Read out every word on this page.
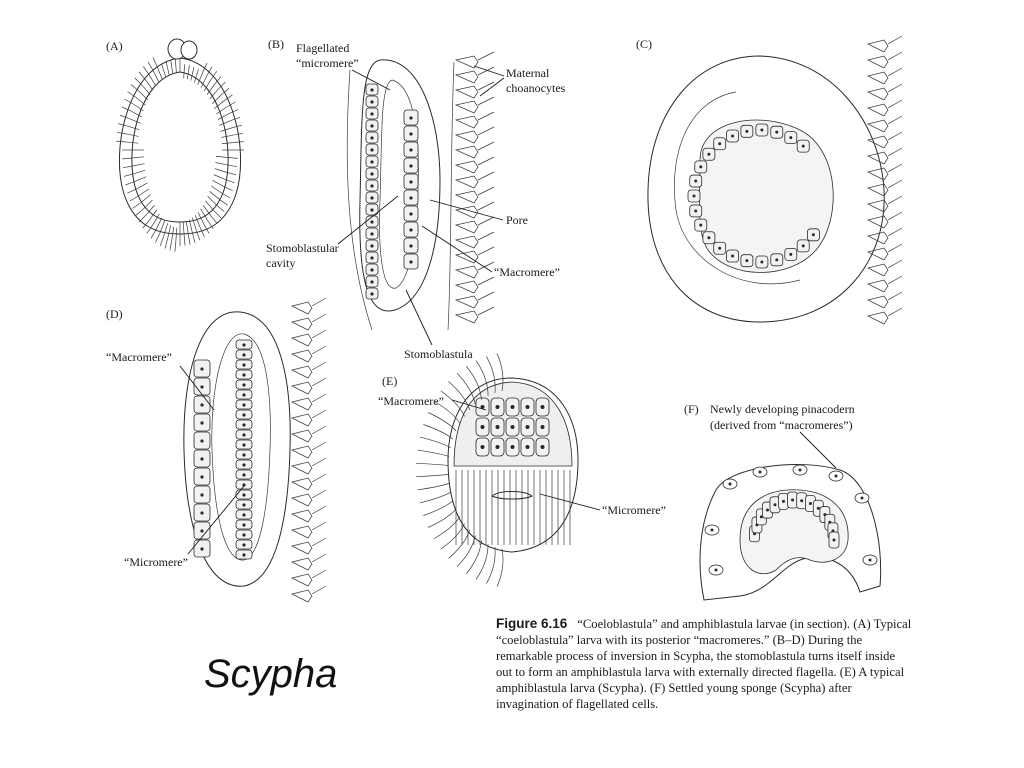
(A)	(B) Flagellated
“micromere”
Maternal
choanocytes
Pore
Stomoblastular
cavity
“Macromere”
Stomoblastula
(C)
(D)
“Macromere”
“Micromere”
(E)
“Macromere”
“Micromere”
(F) Newly developing pinacodern
(derived from “macromeres”)
Scypha
Figure 6.16 “Coeloblastula” and amphiblastula larvae (in section). (A) Typical “coeloblastula” larva with its posterior “macromeres.” (B–D) During the remarkable process of inversion in Scypha, the stomoblastula turns itself inside out to form an amphiblastula larva with externally directed flagella. (E) A typical amphiblastula larva (Scypha). (F) Settled young sponge (Scypha) after invagination of flagellated cells.
